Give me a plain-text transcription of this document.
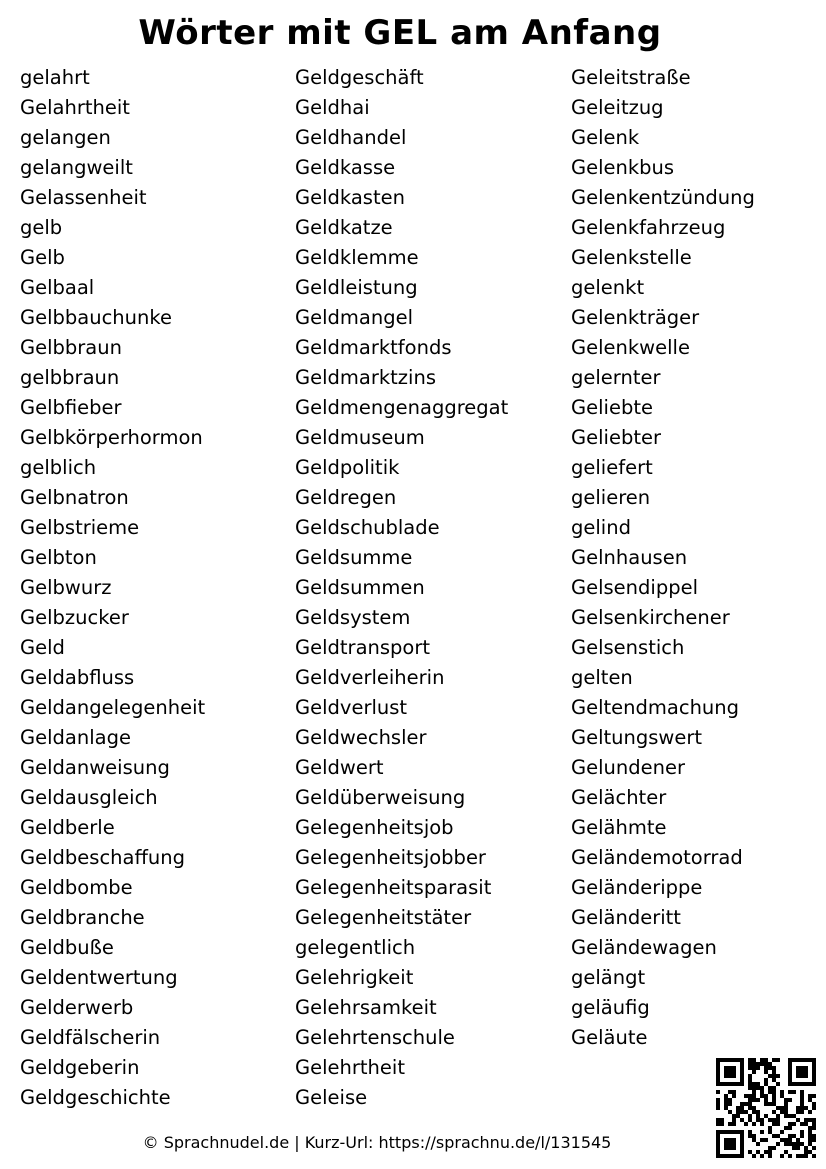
Wörter mit GEL am Anfang
gelahrt
Gelahrtheit
gelangen
gelangweilt
Gelassenheit
gelb
Gelb
Gelbaal
Gelbbauchunke
Gelbbraun
gelbbraun
Gelbfieber
Gelbkörperhormon
gelblich
Gelbnatron
Gelbstrieme
Gelbton
Gelbwurz
Gelbzucker
Geld
Geldabfluss
Geldangelegenheit
Geldanlage
Geldanweisung
Geldausgleich
Geldberle
Geldbeschaffung
Geldbombe
Geldbranche
Geldbuße
Geldentwertung
Gelderwerb
Geldfälscherin
Geldgeberin
Geldgeschichte
Geldgeschäft
Geldhai
Geldhandel
Geldkasse
Geldkasten
Geldkatze
Geldklemme
Geldleistung
Geldmangel
Geldmarktfonds
Geldmarktzins
Geldmengenaggregat
Geldmuseum
Geldpolitik
Geldregen
Geldschublade
Geldsumme
Geldsummen
Geldsystem
Geldtransport
Geldverleiherin
Geldverlust
Geldwechsler
Geldwert
Geldüberweisung
Gelegenheitsjob
Gelegenheitsjobber
Gelegenheitsparasit
Gelegenheitstäter
gelegentlich
Gelehrigkeit
Gelehrsamkeit
Gelehrtenschule
Gelehrtheit
Geleise
Geleitstraße
Geleitzug
Gelenk
Gelenkbus
Gelenkentzündung
Gelenkfahrzeug
Gelenkstelle
gelenkt
Gelenkträger
Gelenkwelle
gelernter
Geliebte
Geliebter
geliefert
gelieren
gelind
Gelnhausen
Gelsendippel
Gelsenkirchener
Gelsenstich
gelten
Geltendmachung
Geltungswert
Gelundener
Gelächter
Gelähmte
Geländemotorrad
Geländerippe
Geländeritt
Geländewagen
gelängt
geläufig
Geläute
© Sprachnudel.de | Kurz-Url: https://sprachnu.de/l/131545
